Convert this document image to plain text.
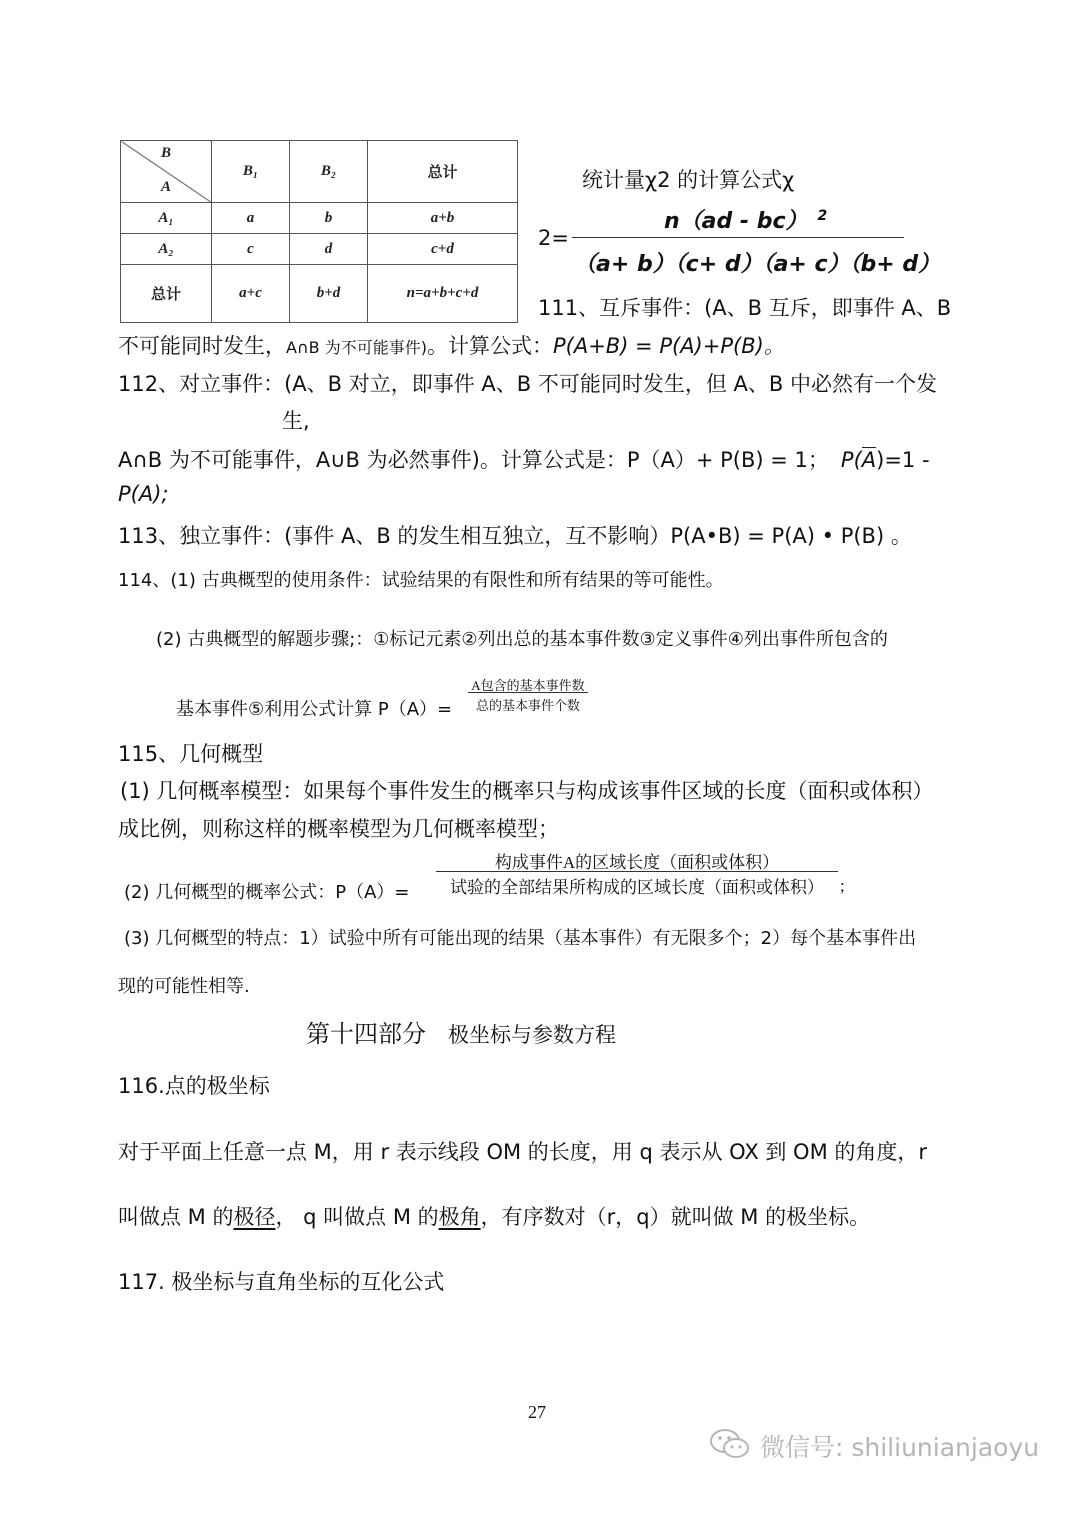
B
A	B₁	B₂	总计
A₁	a	b	a+b
A₂	c	d	c+d
总计	a+c	b+d	n=a+b+c+d
统计量χ2 的计算公式χ
n（ad - bc） $^2$
2=
（a+ b）（c+ d）（a+ c）（b+ d）
111、互斥事件：(A、B 互斥，即事件 A、B
不可能同时发生，A∩B 为不可能事件)。计算公式：P(A+B) = P(A)+P(B)。
112、对立事件：(A、B 对立，即事件 A、B 不可能同时发生，但 A、B 中必然有一个发
生,
A∩B 为不可能事件，A∪B 为必然事件)。计算公式是：P（A）+ P(B) = 1； P(A)=1 -
P(A);
113、独立事件：(事件 A、B 的发生相互独立，互不影响）P(A•B) = P(A) • P(B) 。
114、(1) 古典概型的使用条件：试验结果的有限性和所有结果的等可能性。
(2) 古典概型的解题步骤;：①标记元素②列出总的基本事件数③定义事件④列出事件所包含的
基本事件⑤利用公式计算 P（A）=
A包含的基本事件数
总的基本事件个数
115、几何概型
(1) 几何概率模型：如果每个事件发生的概率只与构成该事件区域的长度（面积或体积）
成比例，则称这样的概率模型为几何概率模型；
构成事件A的区域长度（面积或体积）
(2) 几何概型的概率公式：P（A）=	试验的全部结果所构成的区域长度（面积或体积） ;
(3) 几何概型的特点：1）试验中所有可能出现的结果（基本事件）有无限多个；2）每个基本事件出
现的可能性相等.
第十四部分 极坐标与参数方程
116.点的极坐标
对于平面上任意一点 M，用 r 表示线段 OM 的长度，用 q 表示从 OX 到 OM 的角度，r
叫做点 M 的极径， q 叫做点 M 的极角，有序数对（r，q）就叫做 M 的极坐标。
117. 极坐标与直角坐标的互化公式
27
微信号: shiliunianjaoyu
